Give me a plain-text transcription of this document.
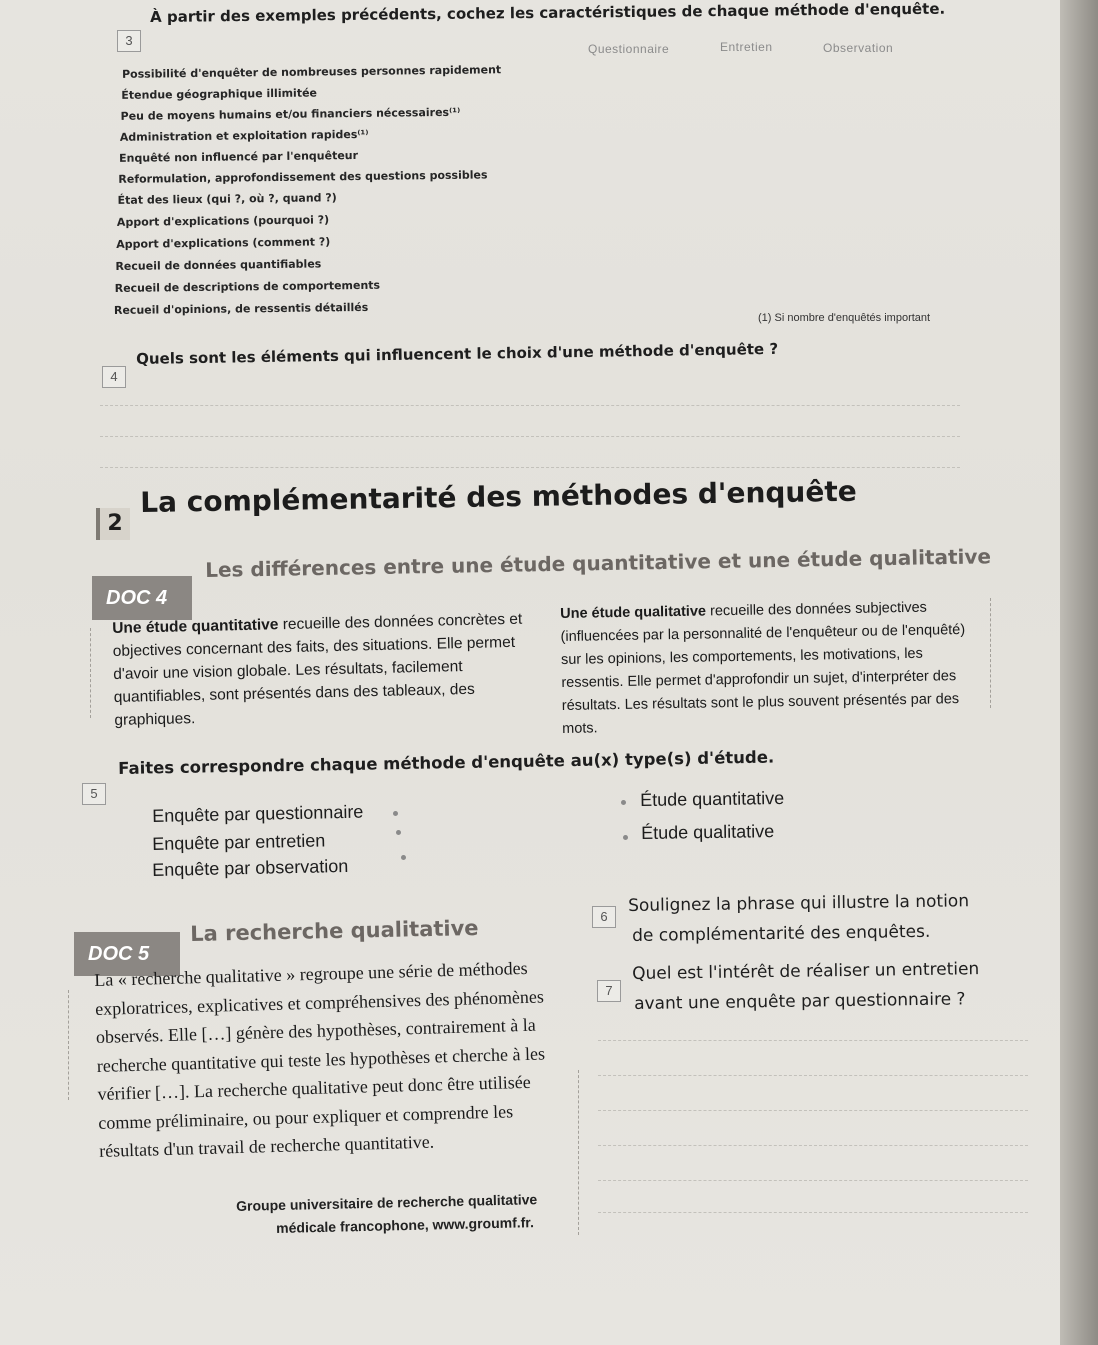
3
À partir des exemples précédents, cochez les caractéristiques de chaque méthode d'enquête.
Questionnaire	Entretien	Observation
Possibilité d'enquêter de nombreuses personnes rapidement
Étendue géographique illimitée
Peu de moyens humains et/ou financiers nécessaires⁽¹⁾
Administration et exploitation rapides⁽¹⁾
Enquêté non influencé par l'enquêteur
Reformulation, approfondissement des questions possibles
État des lieux (qui ?, où ?, quand ?)
Apport d'explications (pourquoi ?)
Apport d'explications (comment ?)
Recueil de données quantifiables
Recueil de descriptions de comportements
Recueil d'opinions, de ressentis détaillés
(1) Si nombre d'enquêtés important
4
Quels sont les éléments qui influencent le choix d'une méthode d'enquête ?
2
La complémentarité des méthodes d'enquête
DOC 4
Les différences entre une étude quantitative et une étude qualitative
Une étude quantitative recueille des données concrètes et objectives concernant des faits, des situations. Elle permet d'avoir une vision globale. Les résultats, facilement quantifiables, sont présentés dans des tableaux, des graphiques.
Une étude qualitative recueille des données subjectives (influencées par la personnalité de l'enquêteur ou de l'enquêté) sur les opinions, les comportements, les motivations, les ressentis. Elle permet d'approfondir un sujet, d'interpréter des résultats. Les résultats sont le plus souvent présentés par des mots.
5
Faites correspondre chaque méthode d'enquête au(x) type(s) d'étude.
Enquête par questionnaire
Enquête par entretien
Enquête par observation
Étude quantitative
Étude qualitative
DOC 5
La recherche qualitative
La « recherche qualitative » regroupe une série de méthodes exploratrices, explicatives et compréhensives des phénomènes observés. Elle […] génère des hypothèses, contrairement à la recherche quantitative qui teste les hypothèses et cherche à les vérifier […]. La recherche qualitative peut donc être utilisée comme préliminaire, ou pour expliquer et comprendre les résultats d'un travail de recherche quantitative.
Groupe universitaire de recherche qualitative
médicale francophone, www.groumf.fr.
6
Soulignez la phrase qui illustre la notion
de complémentarité des enquêtes.
7
Quel est l'intérêt de réaliser un entretien
avant une enquête par questionnaire ?
